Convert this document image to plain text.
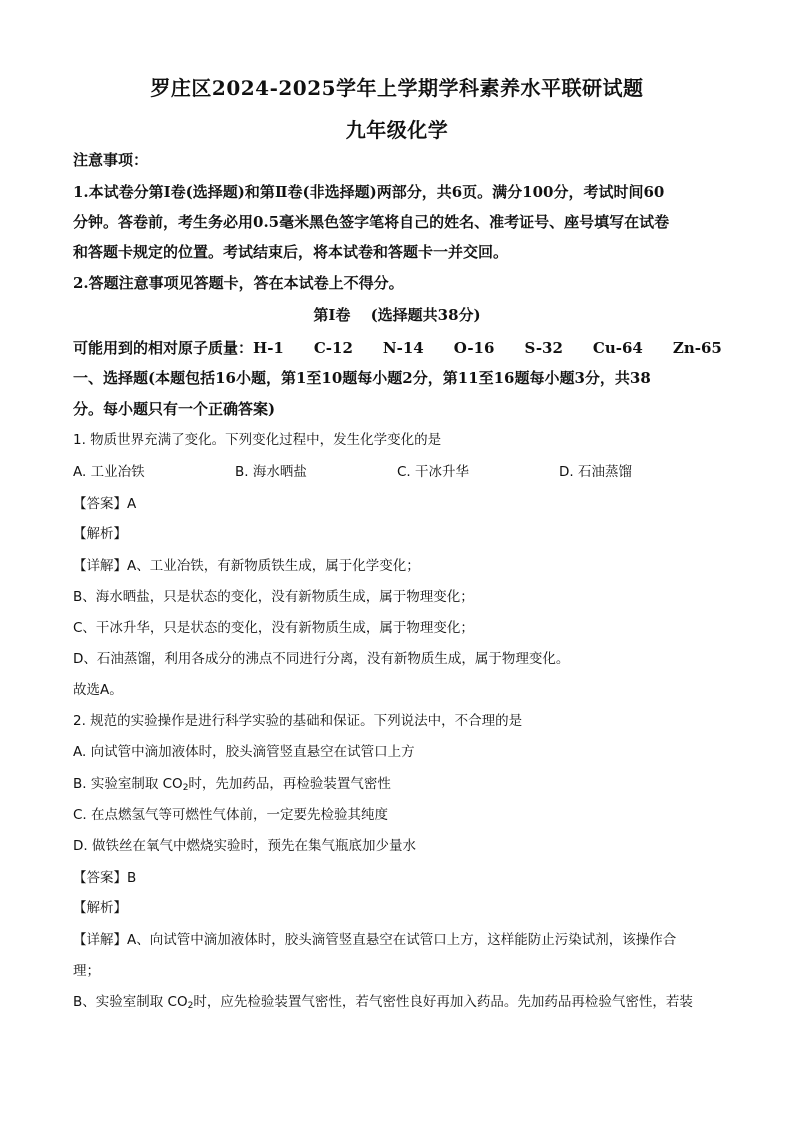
罗庄区2024-2025学年上学期学科素养水平联研试题
九年级化学
注意事项：
1.本试卷分第Ⅰ卷(选择题)和第Ⅱ卷(非选择题)两部分，共6页。满分100分，考试时间60
分钟。答卷前，考生务必用0.5毫米黑色签字笔将自己的姓名、准考证号、座号填写在试卷
和答题卡规定的位置。考试结束后，将本试卷和答题卡一并交回。
2.答题注意事项见答题卡，答在本试卷上不得分。
第Ⅰ卷　 (选择题共38分)
可能用到的相对原子质量：H-1 C-12 N-14 O-16 S-32 Cu-64 Zn-65
一、选择题(本题包括16小题，第1至10题每小题2分，第11至16题每小题3分，共38
分。每小题只有一个正确答案)
1. 物质世界充满了变化。下列变化过程中，发生化学变化的是
A. 工业冶铁	B. 海水晒盐	C. 干冰升华	D. 石油蒸馏
【答案】A
【解析】
【详解】A、工业冶铁，有新物质铁生成，属于化学变化；
B、海水晒盐，只是状态的变化，没有新物质生成，属于物理变化；
C、干冰升华，只是状态的变化，没有新物质生成，属于物理变化；
D、石油蒸馏，利用各成分的沸点不同进行分离，没有新物质生成，属于物理变化。
故选A。
2. 规范的实验操作是进行科学实验的基础和保证。下列说法中，不合理的是
A. 向试管中滴加液体时，胶头滴管竖直悬空在试管口上方
B. 实验室制取 $CO_2$时，先加药品，再检验装置气密性
C. 在点燃氢气等可燃性气体前，一定要先检验其纯度
D. 做铁丝在氧气中燃烧实验时，预先在集气瓶底加少量水
【答案】B
【解析】
【详解】A、向试管中滴加液体时，胶头滴管竖直悬空在试管口上方，这样能防止污染试剂，该操作合
理；
B、实验室制取 $CO_2$时，应先检验装置气密性，若气密性良好再加入药品。先加药品再检验气密性，若装
